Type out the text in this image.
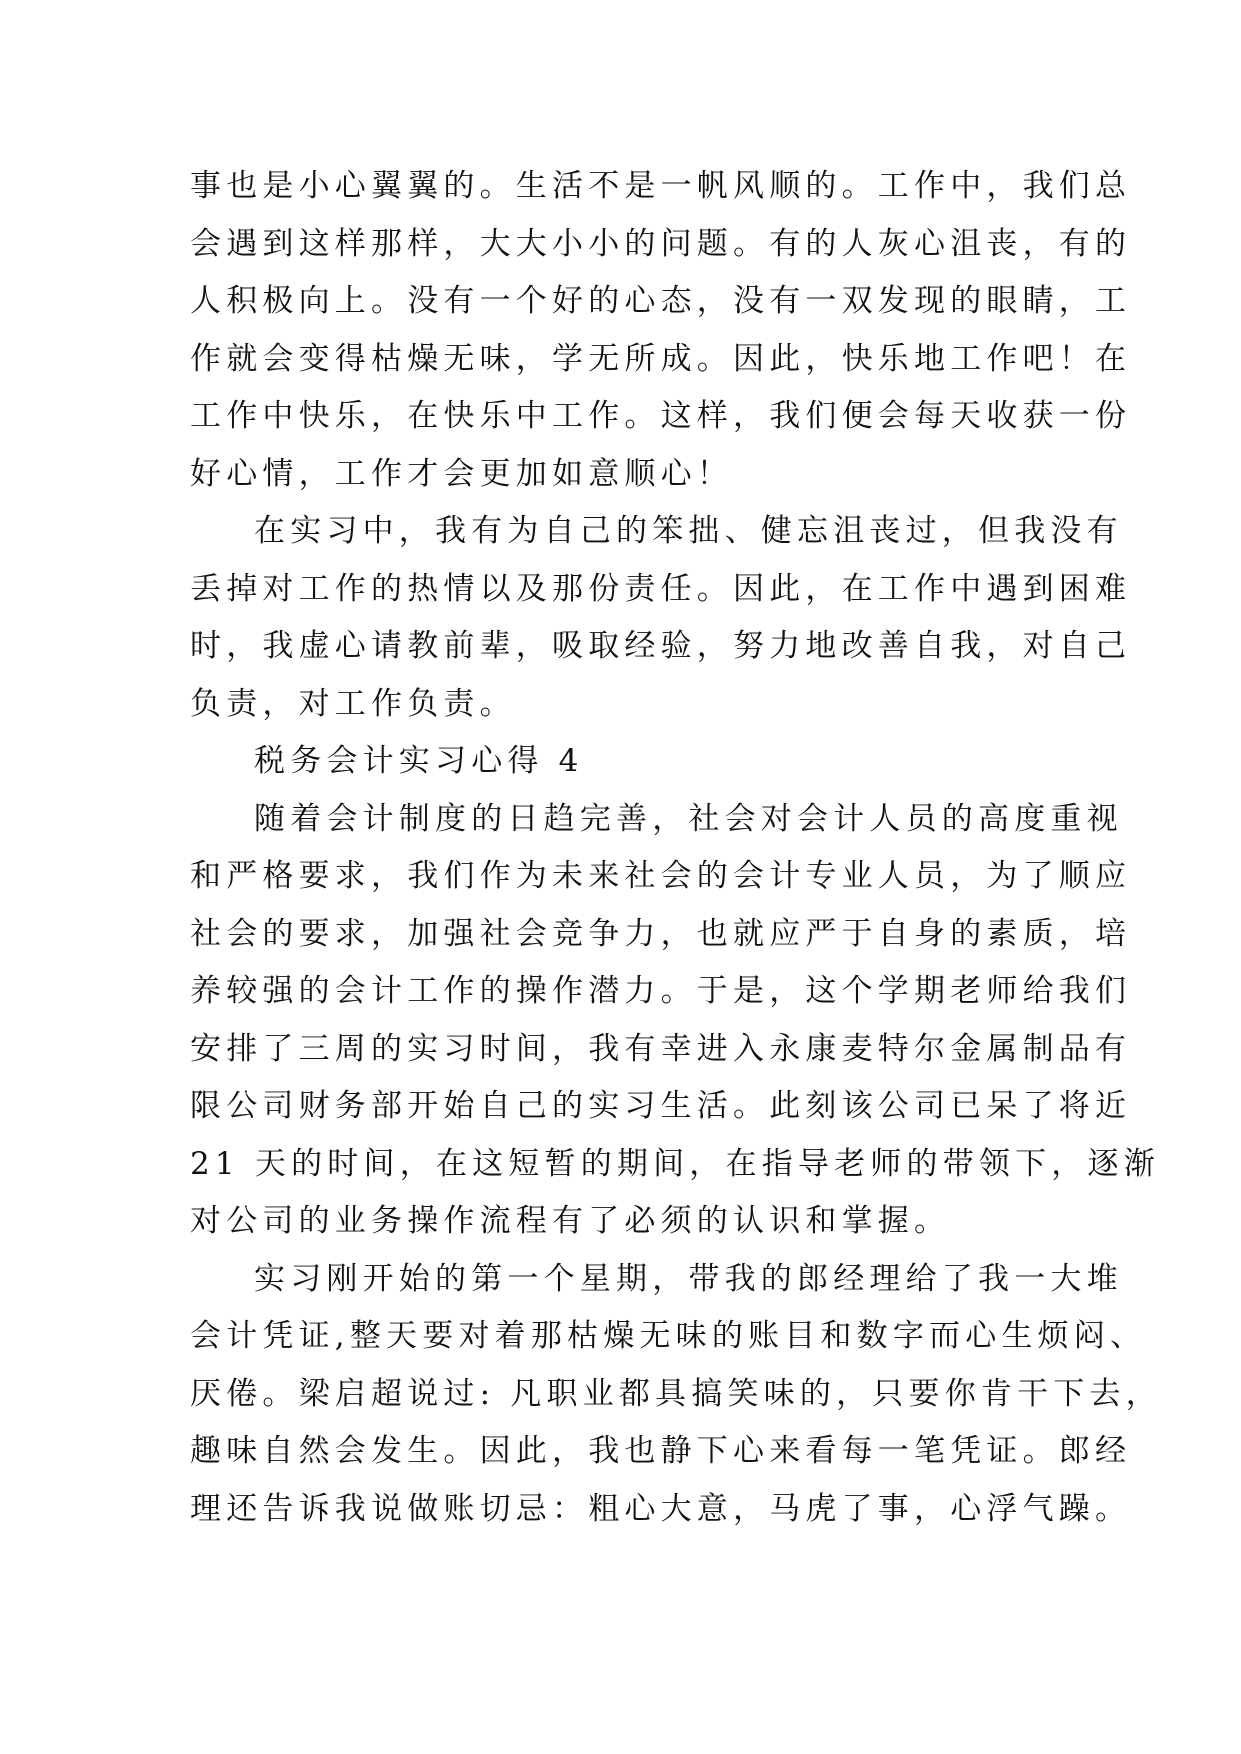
事也是小心翼翼的。生活不是一帆风顺的。工作中，我们总
会遇到这样那样，大大小小的问题。有的人灰心沮丧，有的
人积极向上。没有一个好的心态，没有一双发现的眼睛，工
作就会变得枯燥无味，学无所成。因此，快乐地工作吧！在
工作中快乐，在快乐中工作。这样，我们便会每天收获一份
好心情，工作才会更加如意顺心！
在实习中，我有为自己的笨拙、健忘沮丧过，但我没有
丢掉对工作的热情以及那份责任。因此，在工作中遇到困难
时，我虚心请教前辈，吸取经验，努力地改善自我，对自己
负责，对工作负责。
税务会计实习心得 4
随着会计制度的日趋完善，社会对会计人员的高度重视
和严格要求，我们作为未来社会的会计专业人员，为了顺应
社会的要求，加强社会竞争力，也就应严于自身的素质，培
养较强的会计工作的操作潜力。于是，这个学期老师给我们
安排了三周的实习时间，我有幸进入永康麦特尔金属制品有
限公司财务部开始自己的实习生活。此刻该公司已呆了将近
21 天的时间，在这短暂的期间，在指导老师的带领下，逐渐
对公司的业务操作流程有了必须的认识和掌握。
实习刚开始的第一个星期，带我的郎经理给了我一大堆
会计凭证,整天要对着那枯燥无味的账目和数字而心生烦闷、
厌倦。梁启超说过: 凡职业都具搞笑味的，只要你肯干下去，
趣味自然会发生。因此，我也静下心来看每一笔凭证。郎经
理还告诉我说做账切忌：粗心大意，马虎了事，心浮气躁。
